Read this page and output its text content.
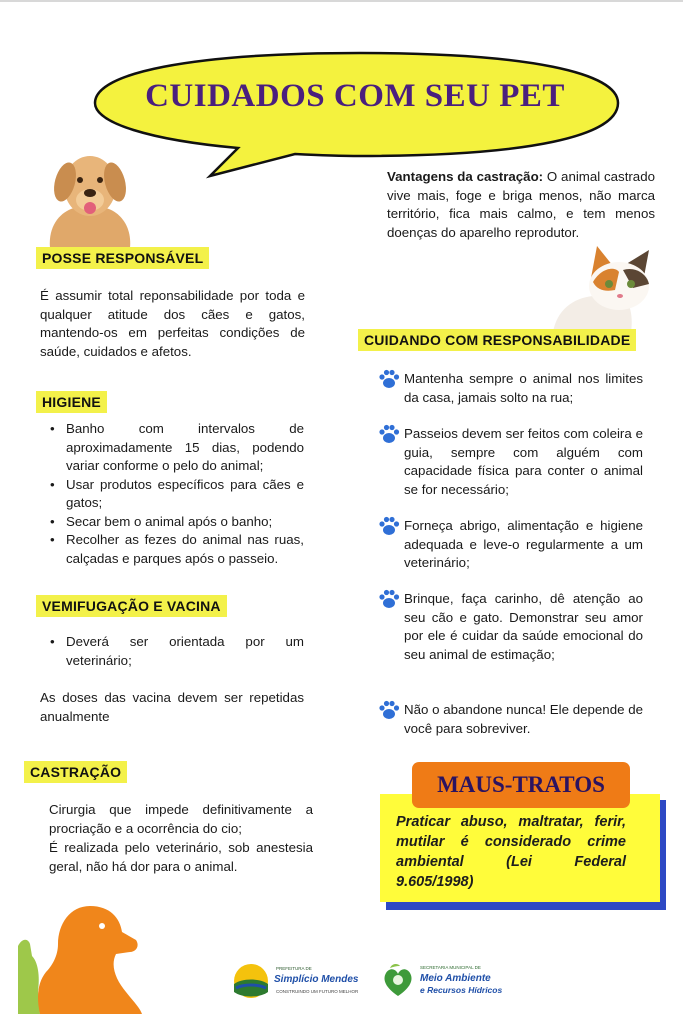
CUIDADOS COM SEU PET
POSSE RESPONSÁVEL
É assumir total reponsabilidade por toda e qualquer atitude dos cães e gatos, mantendo-os em perfeitas condições de saúde, cuidados e afetos.
HIGIENE
• Banho com intervalos de aproximadamente 15 dias, podendo variar conforme o pelo do animal;
• Usar produtos específicos para cães e gatos;
• Secar bem o animal após o banho;
• Recolher as fezes do animal nas ruas, calçadas e parques após o passeio.
VEMIFUGAÇÃO E VACINA
• Deverá ser orientada por um veterinário;
As doses das vacina devem ser repetidas anualmente
CASTRAÇÃO
Cirurgia que impede definitivamente a procriação e a ocorrência do cio;
É realizada pelo veterinário, sob anestesia geral, não há dor para o animal.
Vantagens da castração: O animal castrado vive mais, foge e briga menos, não marca território, fica mais calmo, e tem menos doenças do aparelho reprodutor.
CUIDANDO COM RESPONSABILIDADE
Mantenha sempre o animal nos limites da casa, jamais solto na rua;
Passeios devem ser feitos com coleira e guia, sempre com alguém com capacidade física para conter o animal se for necessário;
Forneça abrigo, alimentação e higiene adequada e leve-o regularmente a um veterinário;
Brinque, faça carinho, dê atenção ao seu cão e gato. Demonstrar seu amor por ele é cuidar da saúde emocional do seu animal de estimação;
Não o abandone nunca! Ele depende de você para sobreviver.
MAUS-TRATOS
Praticar abuso, maltratar, ferir, mutilar é considerado crime ambiental (Lei Federal 9.605/1998)
PREFEITURA DE
Simplício Mendes
CONSTRUINDO UM FUTURO MELHOR
SECRETARIA MUNICIPAL DE
Meio Ambiente
e Recursos Hídricos
